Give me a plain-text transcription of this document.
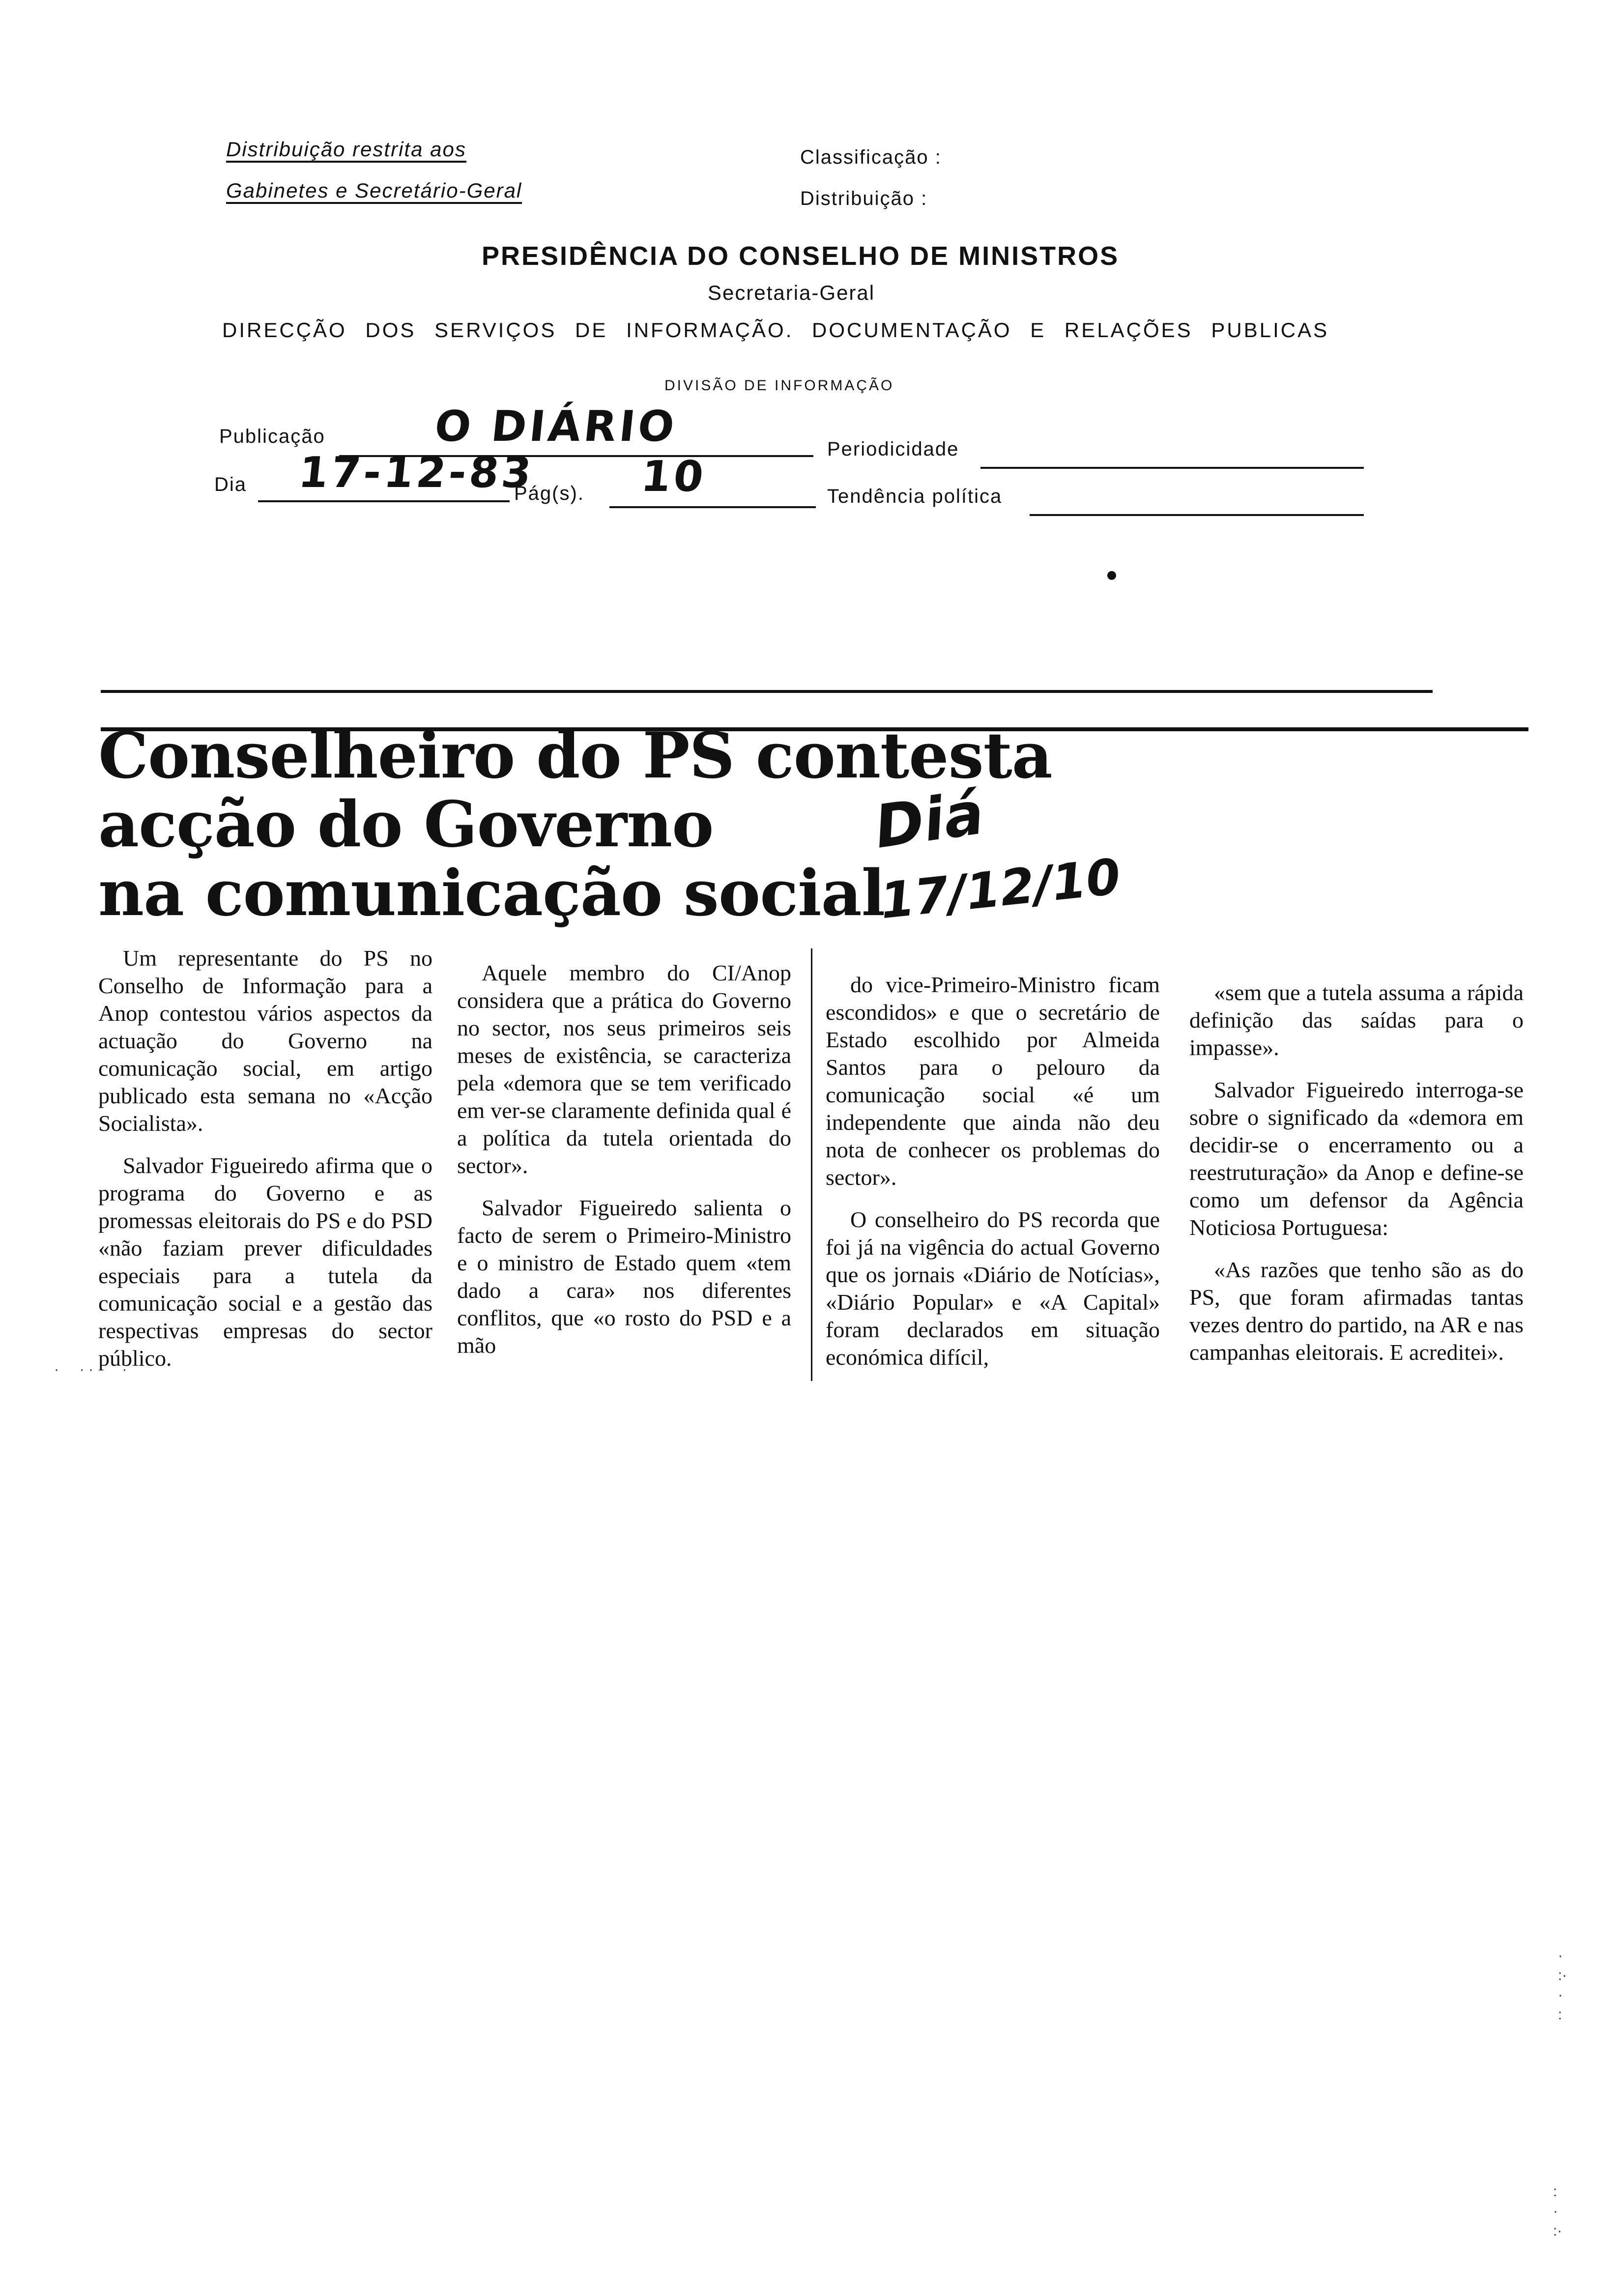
Distribuição restrita aos
Gabinetes e Secretário-Geral
Classificação :
Distribuição :
PRESIDÊNCIA DO CONSELHO DE MINISTROS
Secretaria-Geral
DIRECÇÃO DOS SERVIÇOS DE INFORMAÇÃO. DOCUMENTAÇÃO E RELAÇÕES PUBLICAS
DIVISÃO DE INFORMAÇÃO
Publicação	O DIÁRIO	Periodicidade
Dia 17-12-83
Pág(s). 10	Tendência política
Conselheiro do PS contesta
acção do Governo
na comunicação social
Diá
17/12/10

Um representante do PS no Conselho de Informação para a Anop contestou vários aspectos da actuação do Governo na comunicação social, em artigo publicado esta semana no «Acção Socialista».

Salvador Figueiredo afirma que o programa do Governo e as promessas eleitorais do PS e do PSD «não faziam prever dificuldades especiais para a tutela da comunicação social e a gestão das respectivas empresas do sector público.

Aquele membro do CI/Anop considera que a prática do Governo no sector, nos seus primeiros seis meses de existência, se caracteriza pela «demora que se tem verificado em ver-se claramente definida qual é a política da tutela orientada do sector».

Salvador Figueiredo salienta o facto de serem o Primeiro-Ministro e o ministro de Estado quem «tem dado a cara» nos diferentes conflitos, que «o rosto do PSD e a mão

do vice-Primeiro-Ministro ficam escondidos» e que o secretário de Estado escolhido por Almeida Santos para o pelouro da comunicação social «é um independente que ainda não deu nota de conhecer os problemas do sector».

O conselheiro do PS recorda que foi já na vigência do actual Governo que os jornais «Diário de Notícias», «Diário Popular» e «A Capital» foram declarados em situação económica difícil,

«sem que a tutela assuma a rápida definição das saídas para o impasse».

Salvador Figueiredo interroga-se sobre o significado da «demora em decidir-se o encerramento ou a reestruturação» da Anop e define-se como um defensor da Agência Noticiosa Portuguesa:

«As razões que tenho são as do PS, que foram afirmadas tantas vezes dentro do partido, na AR e nas campanhas eleitorais. E acreditei».

·     · ·       ·
·
:·
·
:
:
·
:·
